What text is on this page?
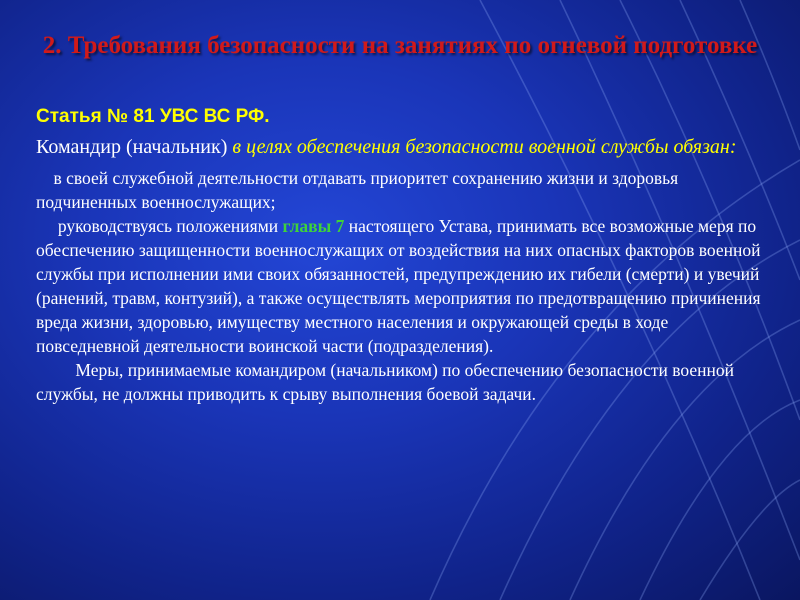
2. Требования безопасности на занятиях по огневой подготовке
Статья № 81 УВС ВС РФ.

Командир (начальник) в целях обеспечения безопасности военной службы обязан:

в своей служебной деятельности отдавать приоритет сохранению жизни и здоровья подчиненных военнослужащих;

руководствуясь положениями главы 7 настоящего Устава, принимать все возможные меря по обеспечению защищенности военнослужащих от воздействия на них опасных факторов военной службы при исполнении ими своих обязанностей, предупреждению их гибели (смерти) и увечий (ранений, травм, контузий), а также осуществлять мероприятия по предотвращению причинения вреда жизни, здоровью, имуществу местного населения и окружающей среды в ходе повседневной деятельности воинской части (подразделения).

Меры, принимаемые командиром (начальником) по обеспечению безопасности военной службы, не должны приводить к срыву выполнения боевой задачи.
